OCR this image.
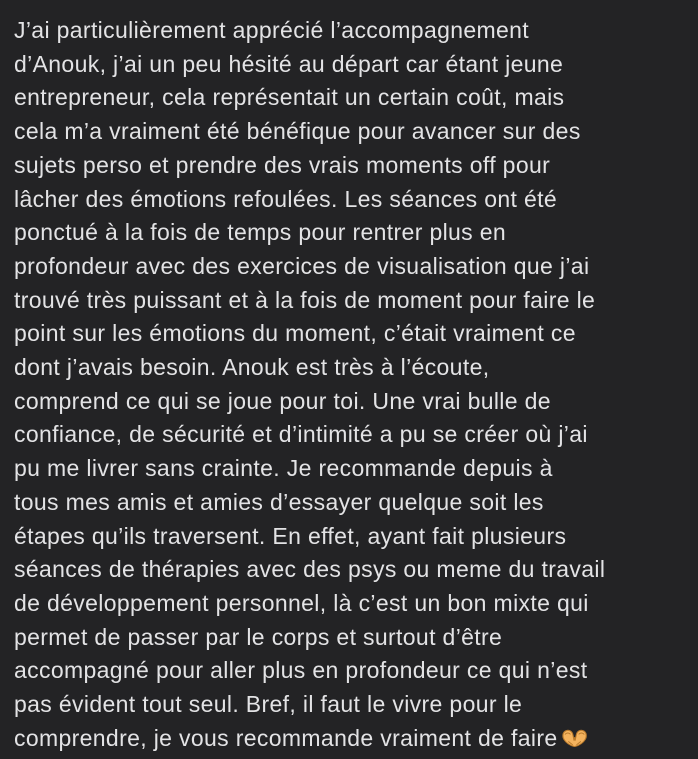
J’ai particulièrement apprécié l’accompagnement
d’Anouk, j’ai un peu hésité au départ car étant jeune
entrepreneur, cela représentait un certain coût, mais
cela m’a vraiment été bénéfique pour avancer sur des
sujets perso et prendre des vrais moments off pour
lâcher des émotions refoulées. Les séances ont été
ponctué à la fois de temps pour rentrer plus en
profondeur avec des exercices de visualisation que j’ai
trouvé très puissant et à la fois de moment pour faire le
point sur les émotions du moment, c’était vraiment ce
dont j’avais besoin. Anouk est très à l’écoute,
comprend ce qui se joue pour toi. Une vrai bulle de
confiance, de sécurité et d’intimité a pu se créer où j’ai
pu me livrer sans crainte. Je recommande depuis à
tous mes amis et amies d’essayer quelque soit les
étapes qu’ils traversent. En effet, ayant fait plusieurs
séances de thérapies avec des psys ou meme du travail
de développement personnel, là c’est un bon mixte qui
permet de passer par le corps et surtout d’être
accompagné pour aller plus en profondeur ce qui n’est
pas évident tout seul. Bref, il faut le vivre pour le
comprendre, je vous recommande vraiment de faire
